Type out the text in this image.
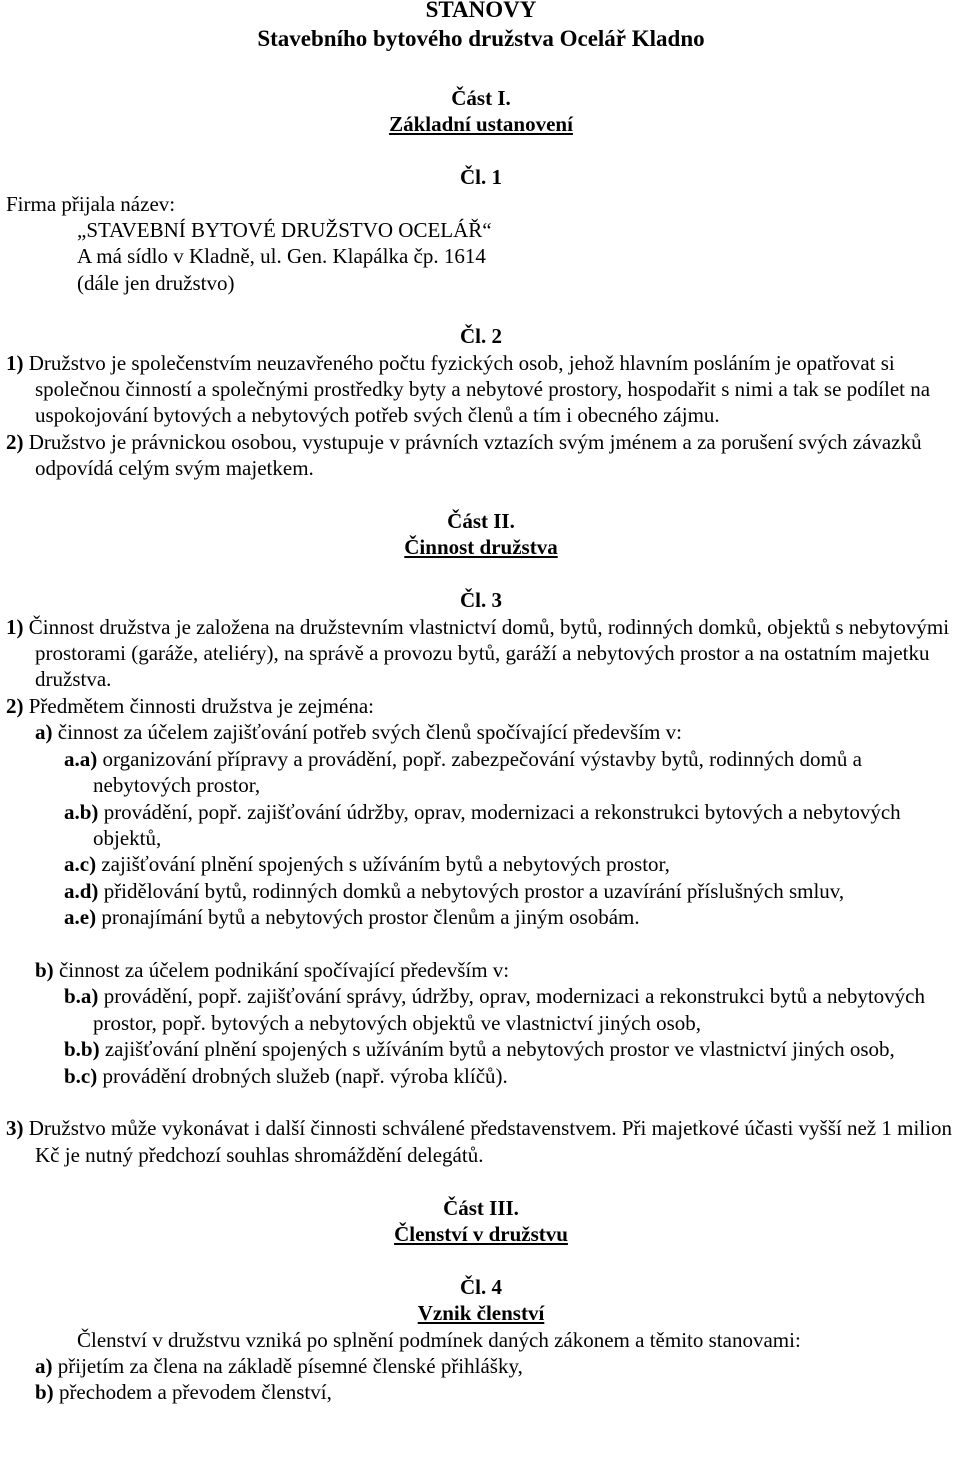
STANOVY

Stavebního bytového družstva Ocelář Kladno

Část I.

Základní ustanovení

Čl. 1

Firma přijala název:

„STAVEBNÍ BYTOVÉ DRUŽSTVO OCELÁŘ“

A má sídlo v Kladně, ul. Gen. Klapálka čp. 1614

(dále jen družstvo)

Čl. 2

1) Družstvo je společenstvím neuzavřeného počtu fyzických osob, jehož hlavním posláním je opatřovat si společnou činností a společnými prostředky byty a nebytové prostory, hospodařit s nimi a tak se podílet na uspokojování bytových a nebytových potřeb svých členů a tím i obecného zájmu.

2) Družstvo je právnickou osobou, vystupuje v právních vztazích svým jménem a za porušení svých závazků odpovídá celým svým majetkem.

Část II.

Činnost družstva

Čl. 3

1) Činnost družstva je založena na družstevním vlastnictví domů, bytů, rodinných domků, objektů s nebytovými prostorami (garáže, ateliéry), na správě a provozu bytů, garáží a nebytových prostor a na ostatním majetku družstva.

2) Předmětem činnosti družstva je zejména:

a) činnost za účelem zajišťování potřeb svých členů spočívající především v:

a.a) organizování přípravy a provádění, popř. zabezpečování výstavby bytů, rodinných domů a nebytových prostor,

a.b) provádění, popř. zajišťování údržby, oprav, modernizaci a rekonstrukci bytových a nebytových objektů,

a.c) zajišťování plnění spojených s užíváním bytů a nebytových prostor,

a.d) přidělování bytů, rodinných domků a nebytových prostor a uzavírání příslušných smluv,

a.e) pronajímání bytů a nebytových prostor členům a jiným osobám.

b) činnost za účelem podnikání spočívající především v:

b.a) provádění, popř. zajišťování správy, údržby, oprav, modernizaci a rekonstrukci bytů a nebytových prostor, popř. bytových a nebytových objektů ve vlastnictví jiných osob,

b.b) zajišťování plnění spojených s užíváním bytů a nebytových prostor ve vlastnictví jiných osob,

b.c) provádění drobných služeb (např. výroba klíčů).

3) Družstvo může vykonávat i další činnosti schválené představenstvem. Při majetkové účasti vyšší než 1 milion Kč je nutný předchozí souhlas shromáždění delegátů.

Část III.

Členství v družstvu

Čl. 4

Vznik členství

Členství v družstvu vzniká po splnění podmínek daných zákonem a těmito stanovami:

a) přijetím za člena na základě písemné členské přihlášky,

b) přechodem a převodem členství,
